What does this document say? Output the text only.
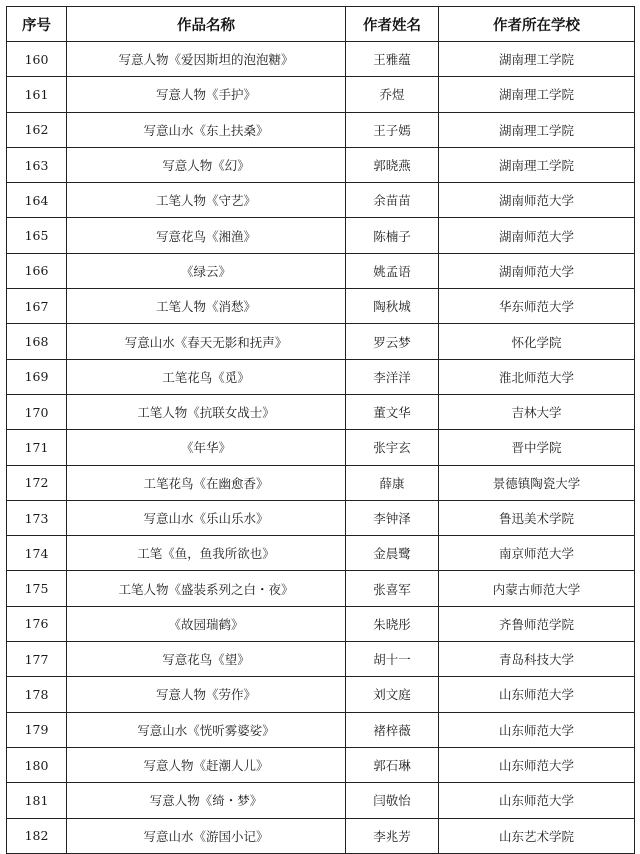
序号	作品名称	作者姓名	作者所在学校
160	写意人物《爱因斯坦的泡泡糖》	王雅蕴	湖南理工学院
161	写意人物《手护》	乔煜	湖南理工学院
162	写意山水《东上扶桑》	王子嫣	湖南理工学院
163	写意人物《幻》	郭晓燕	湖南理工学院
164	工笔人物《守艺》	余苗苗	湖南师范大学
165	写意花鸟《湘渔》	陈楠子	湖南师范大学
166	《绿云》	姚孟语	湖南师范大学
167	工笔人物《消愁》	陶秋城	华东师范大学
168	写意山水《春天无影和抚声》	罗云梦	怀化学院
169	工笔花鸟《觅》	李洋洋	淮北师范大学
170	工笔人物《抗联女战士》	董文华	吉林大学
171	《年华》	张宇玄	晋中学院
172	工笔花鸟《在幽愈香》	薛康	景德镇陶瓷大学
173	写意山水《乐山乐水》	李钟泽	鲁迅美术学院
174	工笔《鱼，鱼我所欲也》	金晨鹭	南京师范大学
175	工笔人物《盛装系列之白・夜》	张喜军	内蒙古师范大学
176	《故园瑞鹤》	朱晓彤	齐鲁师范学院
177	写意花鸟《望》	胡十一	青岛科技大学
178	写意人物《劳作》	刘文庭	山东师范大学
179	写意山水《恍听雾婆娑》	褚梓薇	山东师范大学
180	写意人物《赶潮人儿》	郭石琳	山东师范大学
181	写意人物《绮・梦》	闫敬怡	山东师范大学
182	写意山水《游国小记》	李兆芳	山东艺术学院
